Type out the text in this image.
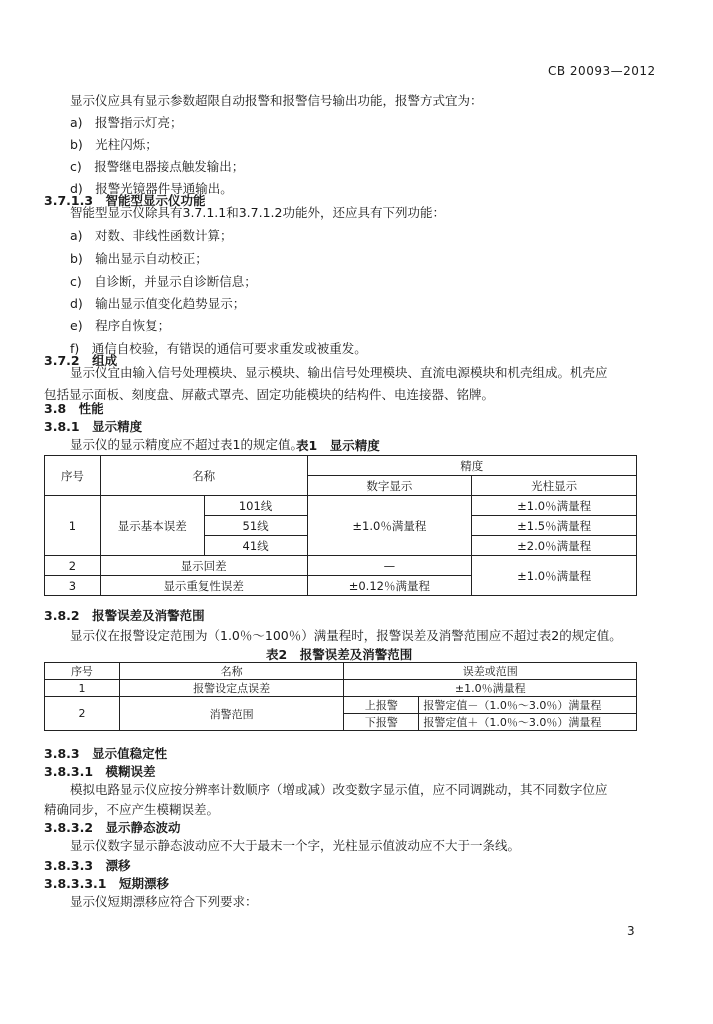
CB 20093—2012
显示仪应具有显示参数超限自动报警和报警信号输出功能，报警方式宜为：
a)　报警指示灯亮；
b)　光柱闪烁；
c)　报警继电器接点触发输出；
d)　报警光镜器件导通输出。
3.7.1.3　智能型显示仪功能
智能型显示仪除具有3.7.1.1和3.7.1.2功能外，还应具有下列功能：
a)　对数、非线性函数计算；
b)　输出显示自动校正；
c)　自诊断，并显示自诊断信息；
d)　输出显示值变化趋势显示；
e)　程序自恢复；
f)　通信自校验，有错误的通信可要求重发或被重发。
3.7.2　组成
显示仪宜由输入信号处理模块、显示模块、输出信号处理模块、直流电源模块和机壳组成。机壳应
包括显示面板、刻度盘、屏蔽式罩壳、固定功能模块的结构件、电连接器、铭牌。
3.8　性能
3.8.1　显示精度
显示仪的显示精度应不超过表1的规定值。
表1　显示精度
序号	名称		精度	
			数字显示	光柱显示
1	显示基本误差	101线	±1.0％满量程	±1.0％满量程
		51线		±1.5％满量程
		41线		±2.0％满量程
2	显示回差		—	±1.0％满量程
3	显示重复性误差		±0.12％满量程	
3.8.2　报警误差及消警范围
显示仪在报警设定范围为（1.0％～100％）满量程时，报警误差及消警范围应不超过表2的规定值。
表2　报警误差及消警范围
序号	名称	误差或范围	
1	报警设定点误差	±1.0％满量程	
2	消警范围	上报警	报警定值－（1.0％～3.0％）满量程
		下报警	报警定值＋（1.0％～3.0％）满量程
3.8.3　显示值稳定性
3.8.3.1　模糊误差
模拟电路显示仪应按分辨率计数顺序（增或减）改变数字显示值，应不同调跳动，其不同数字位应
精确同步，不应产生模糊误差。
3.8.3.2　显示静态波动
显示仪数字显示静态波动应不大于最末一个字，光柱显示值波动应不大于一条线。
3.8.3.3　漂移
3.8.3.3.1　短期漂移
显示仪短期漂移应符合下列要求：
3
